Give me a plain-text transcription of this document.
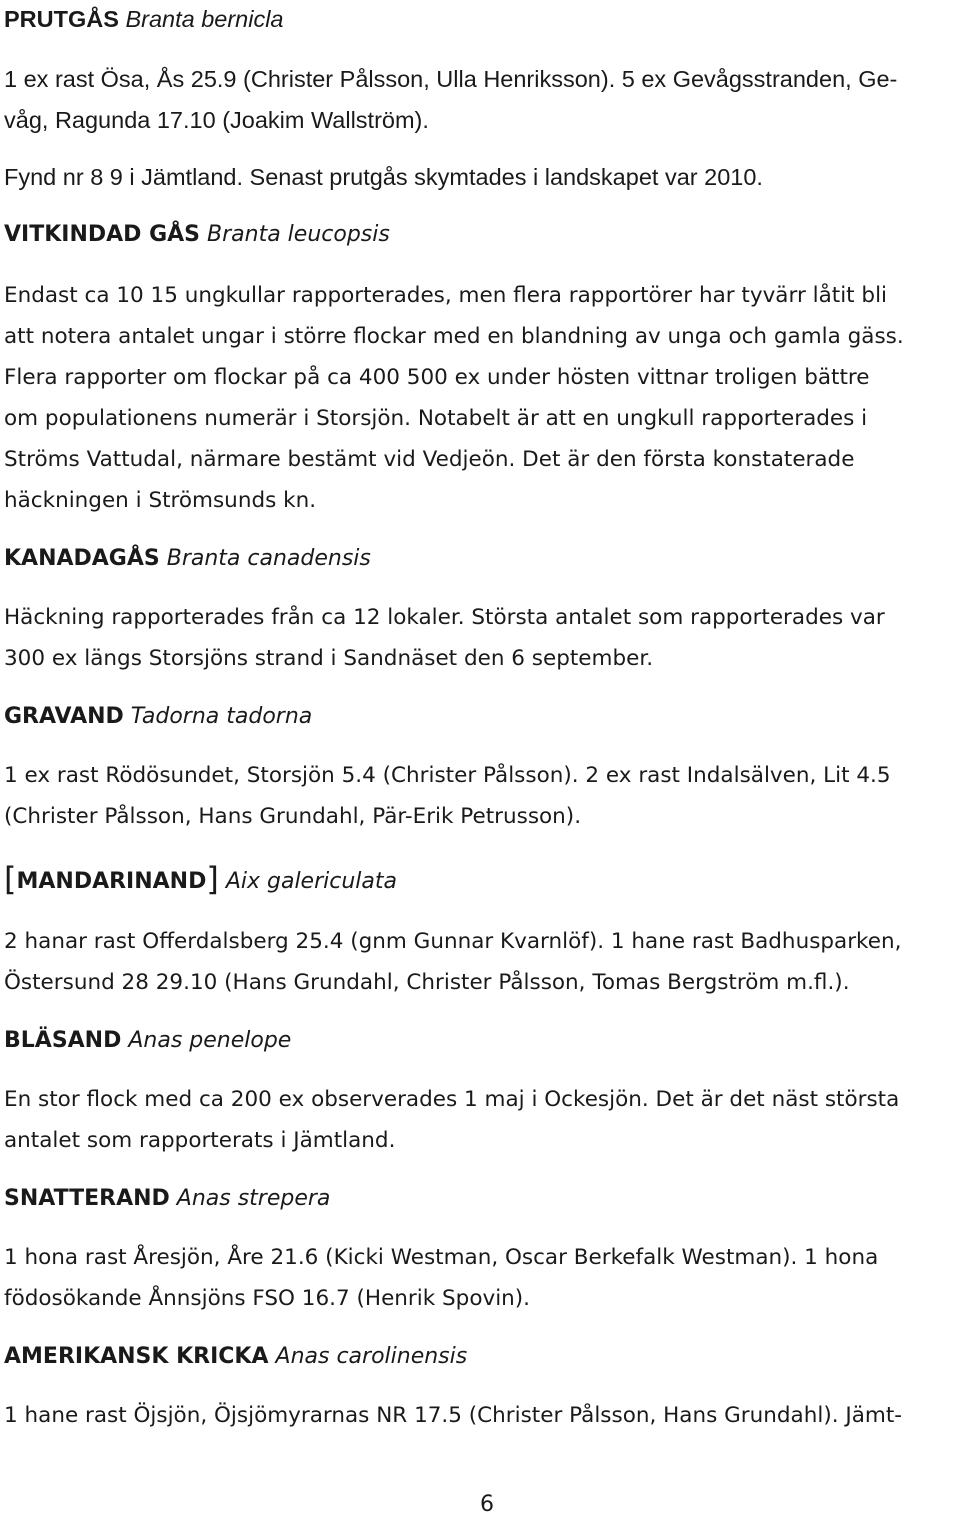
PRUTGÅS Branta bernicla
1 ex rast Ösa, Ås 25.9 (Christer Pålsson, Ulla Henriksson). 5 ex Gevågsstranden, Ge-
våg, Ragunda 17.10 (Joakim Wallström).
Fynd nr 8 9 i Jämtland. Senast prutgås skymtades i landskapet var 2010.
VITKINDAD GÅS Branta leucopsis
Endast ca 10 15 ungkullar rapporterades, men flera rapportörer har tyvärr låtit bli
att notera antalet ungar i större flockar med en blandning av unga och gamla gäss.
Flera rapporter om flockar på ca 400 500 ex under hösten vittnar troligen bättre
om populationens numerär i Storsjön. Notabelt är att en ungkull rapporterades i
Ströms Vattudal, närmare bestämt vid Vedjeön. Det är den första konstaterade
häckningen i Strömsunds kn.
KANADAGÅS Branta canadensis
Häckning rapporterades från ca 12 lokaler. Största antalet som rapporterades var
300 ex längs Storsjöns strand i Sandnäset den 6 september.
GRAVAND Tadorna tadorna
1 ex rast Rödösundet, Storsjön 5.4 (Christer Pålsson). 2 ex rast Indalsälven, Lit 4.5
(Christer Pålsson, Hans Grundahl, Pär-Erik Petrusson).
[MANDARINAND] Aix galericulata
2 hanar rast Offerdalsberg 25.4 (gnm Gunnar Kvarnlöf). 1 hane rast Badhusparken,
Östersund 28 29.10 (Hans Grundahl, Christer Pålsson, Tomas Bergström m.fl.).
BLÄSAND Anas penelope
En stor flock med ca 200 ex observerades 1 maj i Ockesjön. Det är det näst största
antalet som rapporterats i Jämtland.
SNATTERAND Anas strepera
1 hona rast Åresjön, Åre 21.6 (Kicki Westman, Oscar Berkefalk Westman). 1 hona
födosökande Ånnsjöns FSO 16.7 (Henrik Spovin).
AMERIKANSK KRICKA Anas carolinensis
1 hane rast Öjsjön, Öjsjömyrarnas NR 17.5 (Christer Pålsson, Hans Grundahl). Jämt-
6
